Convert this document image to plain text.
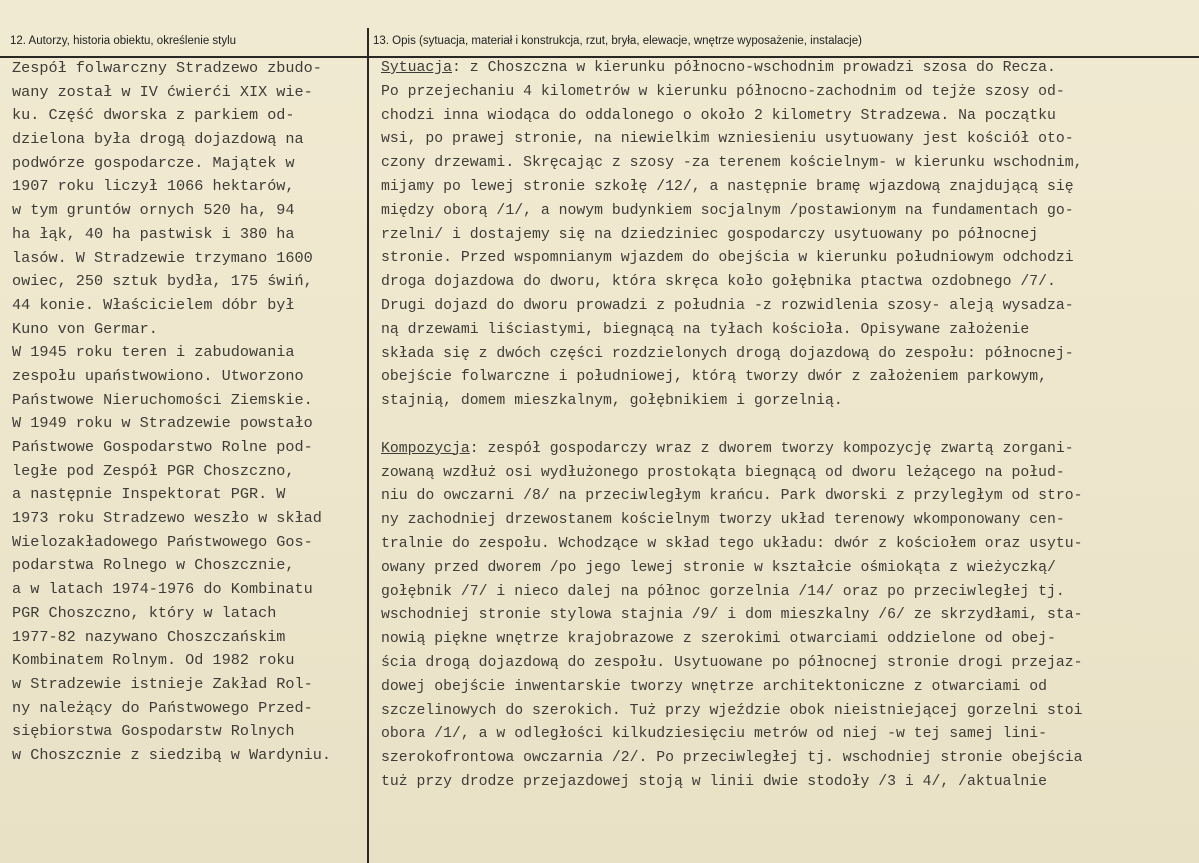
12. Autorzy, historia obiektu, określenie stylu	13. Opis (sytuacja, materiał i konstrukcja, rzut, bryła, elewacje, wnętrze wyposażenie, instalacje)
Zespół folwarczny Stradzewo zbudo-
wany został w IV ćwierći XIX wie-
ku. Część dworska z parkiem od-
dzielona była drogą dojazdową na
podwórze gospodarcze. Majątek w
1907 roku liczył 1066 hektarów,
w tym gruntów ornych 520 ha, 94
ha łąk, 40 ha pastwisk i 380 ha
lasów. W Stradzewie trzymano 1600
owiec, 250 sztuk bydła, 175 świń,
44 konie. Właścicielem dóbr był
Kuno von Germar.
W 1945 roku teren i zabudowania
zespołu upaństwowiono. Utworzono
Państwowe Nieruchomości Ziemskie.
W 1949 roku w Stradzewie powstało
Państwowe Gospodarstwo Rolne pod-
ległe pod Zespół PGR Choszczno,
a następnie Inspektorat PGR. W
1973 roku Stradzewo weszło w skład
Wielozakładowego Państwowego Gos-
podarstwa Rolnego w Choszcznie,
a w latach 1974-1976 do Kombinatu
PGR Choszczno, który w latach
1977-82 nazywano Choszczańskim
Kombinatem Rolnym. Od 1982 roku
w Stradzewie istnieje Zakład Rol-
ny należący do Państwowego Przed-
siębiorstwa Gospodarstw Rolnych
w Choszcznie z siedzibą w Wardyniu.
Sytuacja: z Choszczna w kierunku północno-wschodnim prowadzi szosa do Recza.
Po przejechaniu 4 kilometrów w kierunku północno-zachodnim od tejże szosy od-
chodzi inna wiodąca do oddalonego o około 2 kilometry Stradzewa. Na początku
wsi, po prawej stronie, na niewielkim wzniesieniu usytuowany jest kościół oto-
czony drzewami. Skręcając z szosy -za terenem kościelnym- w kierunku wschodnim,
mijamy po lewej stronie szkołę /12/, a następnie bramę wjazdową znajdującą się
między oborą /1/, a nowym budynkiem socjalnym /postawionym na fundamentach go-
rzelni/ i dostajemy się na dziedziniec gospodarczy usytuowany po północnej
stronie. Przed wspomnianym wjazdem do obejścia w kierunku południowym odchodzi
droga dojazdowa do dworu, która skręca koło gołębnika ptactwa ozdobnego /7/.
Drugi dojazd do dworu prowadzi z południa -z rozwidlenia szosy- aleją wysadza-
ną drzewami liściastymi, biegnącą na tyłach kościoła. Opisywane założenie
składa się z dwóch części rozdzielonych drogą dojazdową do zespołu: północnej-
obejście folwarczne i południowej, którą tworzy dwór z założeniem parkowym,
stajnią, domem mieszkalnym, gołębnikiem i gorzelnią.
Kompozycja: zespół gospodarczy wraz z dworem tworzy kompozycję zwartą zorgani-
zowaną wzdłuż osi wydłużonego prostokąta biegnącą od dworu leżącego na połud-
niu do owczarni /8/ na przeciwległym krańcu. Park dworski z przyległym od stro-
ny zachodniej drzewostanem kościelnym tworzy układ terenowy wkomponowany cen-
tralnie do zespołu. Wchodzące w skład tego układu: dwór z kościołem oraz usytu-
owany przed dworem /po jego lewej stronie w kształcie ośmiokąta z wieżyczką/
gołębnik /7/ i nieco dalej na północ gorzelnia /14/ oraz po przeciwległej tj.
wschodniej stronie stylowa stajnia /9/ i dom mieszkalny /6/ ze skrzydłami, sta-
nowią piękne wnętrze krajobrazowe z szerokimi otwarciami oddzielone od obej-
ścia drogą dojazdową do zespołu. Usytuowane po północnej stronie drogi przejaz-
dowej obejście inwentarskie tworzy wnętrze architektoniczne z otwarciami od
szczelinowych do szerokich. Tuż przy wjeździe obok nieistniejącej gorzelni stoi
obora /1/, a w odległości kilkudziesięciu metrów od niej -w tej samej lini-
szerokofrontowa owczarnia /2/. Po przeciwległej tj. wschodniej stronie obejścia
tuż przy drodze przejazdowej stoją w linii dwie stodoły /3 i 4/, /aktualnie
